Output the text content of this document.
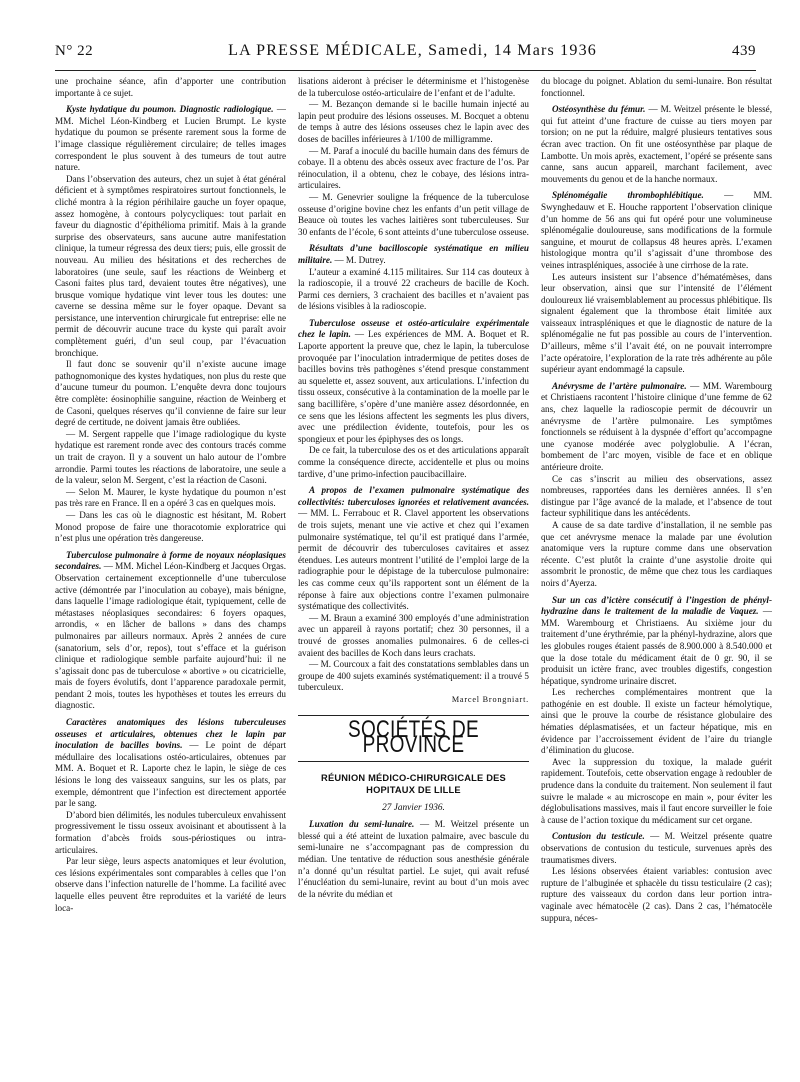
N° 22	LA PRESSE MÉDICALE, Samedi, 14 Mars 1936	439

une prochaine séance, afin d’apporter une contribution importante à ce sujet.

Kyste hydatique du poumon. Diagnostic radiologique. — MM. Michel Léon-Kindberg et Lucien Brumpt. Le kyste hydatique du poumon se présente rarement sous la forme de l’image classique régulièrement circulaire; de telles images correspondent le plus souvent à des tumeurs de tout autre nature.

Dans l’observation des auteurs, chez un sujet à état général déficient et à symptômes respiratoires surtout fonctionnels, le cliché montra à la région périhilaire gauche un foyer opaque, assez homogène, à contours polycycliques: tout parlait en faveur du diagnostic d’épithélioma primitif. Mais à la grande surprise des observateurs, sans aucune autre manifestation clinique, la tumeur régressa des deux tiers; puis, elle grossit de nouveau. Au milieu des hésitations et des recherches de laboratoires (une seule, sauf les réactions de Weinberg et Casoni faites plus tard, devaient toutes être négatives), une brusque vomique hydatique vint lever tous les doutes: une caverne se dessina même sur le foyer opaque. Devant sa persistance, une intervention chirurgicale fut entreprise: elle ne permit de découvrir aucune trace du kyste qui paraît avoir complètement guéri, d’un seul coup, par l’évacuation bronchique.

Il faut donc se souvenir qu’il n’existe aucune image pathognomonique des kystes hydatiques, non plus du reste que d’aucune tumeur du poumon. L’enquête devra donc toujours être complète: éosinophilie sanguine, réaction de Weinberg et de Casoni, quelques réserves qu’il convienne de faire sur leur degré de certitude, ne doivent jamais être oubliées.

— M. Sergent rappelle que l’image radiologique du kyste hydatique est rarement ronde avec des contours tracés comme un trait de crayon. Il y a souvent un halo autour de l’ombre arrondie. Parmi toutes les réactions de laboratoire, une seule a de la valeur, selon M. Sergent, c’est la réaction de Casoni.

— Selon M. Maurer, le kyste hydatique du poumon n’est pas très rare en France. Il en a opéré 3 cas en quelques mois.

— Dans les cas où le diagnostic est hésitant, M. Robert Monod propose de faire une thoracotomie exploratrice qui n’est plus une opération très dangereuse.

Tuberculose pulmonaire à forme de noyaux néoplasiques secondaires. — MM. Michel Léon-Kindberg et Jacques Orgas. Observation certainement exceptionnelle d’une tuberculose active (démontrée par l’inoculation au cobaye), mais bénigne, dans laquelle l’image radiologique était, typiquement, celle de métastases néoplasiques secondaires: 6 foyers opaques, arrondis, « en lâcher de ballons » dans des champs pulmonaires par ailleurs normaux. Après 2 années de cure (sanatorium, sels d’or, repos), tout s’efface et la guérison clinique et radiologique semble parfaite aujourd’hui: il ne s’agissait donc pas de tuberculose « abortive » ou cicatricielle, mais de foyers évolutifs, dont l’apparence paradoxale permit, pendant 2 mois, toutes les hypothèses et toutes les erreurs du diagnostic.

Caractères anatomiques des lésions tuberculeuses osseuses et articulaires, obtenues chez le lapin par inoculation de bacilles bovins. — Le point de départ médullaire des localisations ostéo-articulaires, obtenues par MM. A. Boquet et R. Laporte chez le lapin, le siège de ces lésions le long des vaisseaux sanguins, sur les os plats, par exemple, démontrent que l’infection est directement apportée par le sang.

D’abord bien délimités, les nodules tuberculeux envahissent progressivement le tissu osseux avoisinant et aboutissent à la formation d’abcès froids sous-périostiques ou intra-articulaires.

Par leur siège, leurs aspects anatomiques et leur évolution, ces lésions expérimentales sont comparables à celles que l’on observe dans l’infection naturelle de l’homme. La facilité avec laquelle elles peuvent être reproduites et la variété de leurs loca-

lisations aideront à préciser le déterminisme et l’histogenèse de la tuberculose ostéo-articulaire de l’enfant et de l’adulte.

— M. Bezançon demande si le bacille humain injecté au lapin peut produire des lésions osseuses. M. Bocquet a obtenu de temps à autre des lésions osseuses chez le lapin avec des doses de bacilles inférieures à 1/100 de milligramme.

— M. Paraf a inoculé du bacille humain dans des fémurs de cobaye. Il a obtenu des abcès osseux avec fracture de l’os. Par réinoculation, il a obtenu, chez le cobaye, des lésions intra-articulaires.

— M. Genevrier souligne la fréquence de la tuberculose osseuse d’origine bovine chez les enfants d’un petit village de Beauce où toutes les vaches laitières sont tuberculeuses. Sur 30 enfants de l’école, 6 sont atteints d’une tuberculose osseuse.

Résultats d’une bacilloscopie systématique en milieu militaire. — M. Dutrey.

L’auteur a examiné 4.115 militaires. Sur 114 cas douteux à la radioscopie, il a trouvé 22 cracheurs de bacille de Koch. Parmi ces derniers, 3 crachaient des bacilles et n’avaient pas de lésions visibles à la radioscopie.

Tuberculose osseuse et ostéo-articulaire expérimentale chez le lapin. — Les expériences de MM. A. Boquet et R. Laporte apportent la preuve que, chez le lapin, la tuberculose provoquée par l’inoculation intradermique de petites doses de bacilles bovins très pathogènes s’étend presque constamment au squelette et, assez souvent, aux articulations. L’infection du tissu osseux, consécutive à la contamination de la moelle par le sang bacillifère, s’opère d’une manière assez désordonnée, en ce sens que les lésions affectent les segments les plus divers, avec une prédilection évidente, toutefois, pour les os spongieux et pour les épiphyses des os longs.

De ce fait, la tuberculose des os et des articulations apparaît comme la conséquence directe, accidentelle et plus ou moins tardive, d’une primo-infection paucibacillaire.

A propos de l’examen pulmonaire systématique des collectivités: tuberculoses ignorées et relativement avancées. — MM. L. Ferrabouc et R. Clavel apportent les observations de trois sujets, menant une vie active et chez qui l’examen pulmonaire systématique, tel qu’il est pratiqué dans l’armée, permit de découvrir des tuberculoses cavitaires et assez étendues. Les auteurs montrent l’utilité de l’emploi large de la radiographie pour le dépistage de la tuberculose pulmonaire: les cas comme ceux qu’ils rapportent sont un élément de la réponse à faire aux objections contre l’examen pulmonaire systématique des collectivités.

— M. Braun a examiné 300 employés d’une administration avec un appareil à rayons portatif; chez 30 personnes, il a trouvé de grosses anomalies pulmonaires. 6 de celles-ci avaient des bacilles de Koch dans leurs crachats.

— M. Courcoux a fait des constatations semblables dans un groupe de 400 sujets examinés systématiquement: il a trouvé 5 tuberculeux.

Marcel Brongniart.

SOCIÉTÉS DE PROVINCE
RÉUNION MÉDICO-CHIRURGICALE DES HOPITAUX DE LILLE
27 Janvier 1936.

Luxation du semi-lunaire. — M. Weitzel présente un blessé qui a été atteint de luxation palmaire, avec bascule du semi-lunaire ne s’accompagnant pas de compression du médian. Une tentative de réduction sous anesthésie générale n’a donné qu’un résultat partiel. Le sujet, qui avait refusé l’énucléation du semi-lunaire, revint au bout d’un mois avec de la névrite du médian et

du blocage du poignet. Ablation du semi-lunaire. Bon résultat fonctionnel.

Ostéosynthèse du fémur. — M. Weitzel présente le blessé, qui fut atteint d’une fracture de cuisse au tiers moyen par torsion; on ne put la réduire, malgré plusieurs tentatives sous écran avec traction. On fit une ostéosynthèse par plaque de Lambotte. Un mois après, exactement, l’opéré se présente sans canne, sans aucun appareil, marchant facilement, avec mouvements du genou et de la hanche normaux.

Splénomégalie thrombophlébitique. — MM. Swynghedauw et E. Houche rapportent l’observation clinique d’un homme de 56 ans qui fut opéré pour une volumineuse splénomégalie douloureuse, sans modifications de la formule sanguine, et mourut de collapsus 48 heures après. L’examen histologique montra qu’il s’agissait d’une thrombose des veines intraspléniques, associée à une cirrhose de la rate.

Les auteurs insistent sur l’absence d’hématémèses, dans leur observation, ainsi que sur l’intensité de l’élément douloureux lié vraisemblablement au processus phlébitique. Ils signalent également que la thrombose était limitée aux vaisseaux intraspléniques et que le diagnostic de nature de la splénomégalie ne fut pas possible au cours de l’intervention. D’ailleurs, même s’il l’avait été, on ne pouvait interrompre l’acte opératoire, l’exploration de la rate très adhérente au pôle supérieur ayant endommagé la capsule.

Anévrysme de l’artère pulmonaire. — MM. Warembourg et Christiaens racontent l’histoire clinique d’une femme de 62 ans, chez laquelle la radioscopie permit de découvrir un anévrysme de l’artère pulmonaire. Les symptômes fonctionnels se réduisent à la dyspnée d’effort qu’accompagne une cyanose modérée avec polyglobulie. A l’écran, bombement de l’arc moyen, visible de face et en oblique antérieure droite.

Ce cas s’inscrit au milieu des observations, assez nombreuses, rapportées dans les dernières années. Il s’en distingue par l’âge avancé de la malade, et l’absence de tout facteur syphilitique dans les antécédents.

A cause de sa date tardive d’installation, il ne semble pas que cet anévrysme menace la malade par une évolution anatomique vers la rupture comme dans une observation récente. C’est plutôt la crainte d’une asystolie droite qui assombrit le pronostic, de même que chez tous les cardiaques noirs d’Ayerza.

Sur un cas d’ictère consécutif à l’ingestion de phényl-hydrazine dans le traitement de la maladie de Vaquez. — MM. Warembourg et Christiaens. Au sixième jour du traitement d’une érythrémie, par la phényl-hydrazine, alors que les globules rouges étaient passés de 8.900.000 à 8.540.000 et que la dose totale du médicament était de 0 gr. 90, il se produisit un ictère franc, avec troubles digestifs, congestion hépatique, syndrome urinaire discret.

Les recherches complémentaires montrent que la pathogénie en est double. Il existe un facteur hémolytique, ainsi que le prouve la courbe de résistance globulaire des hématies déplasmatisées, et un facteur hépatique, mis en évidence par l’accroissement évident de l’aire du triangle d’élimination du glucose.

Avec la suppression du toxique, la malade guérit rapidement. Toutefois, cette observation engage à redoubler de prudence dans la conduite du traitement. Non seulement il faut suivre le malade « au microscope en main », pour éviter les déglobulisations massives, mais il faut encore surveiller le foie à cause de l’action toxique du médicament sur cet organe.

Contusion du testicule. — M. Weitzel présente quatre observations de contusion du testicule, survenues après des traumatismes divers.

Les lésions observées étaient variables: contusion avec rupture de l’albuginée et sphacèle du tissu testiculaire (2 cas); rupture des vaisseaux du cordon dans leur portion intra-vaginale avec hématocèle (2 cas). Dans 2 cas, l’hématocèle suppura, néces-
